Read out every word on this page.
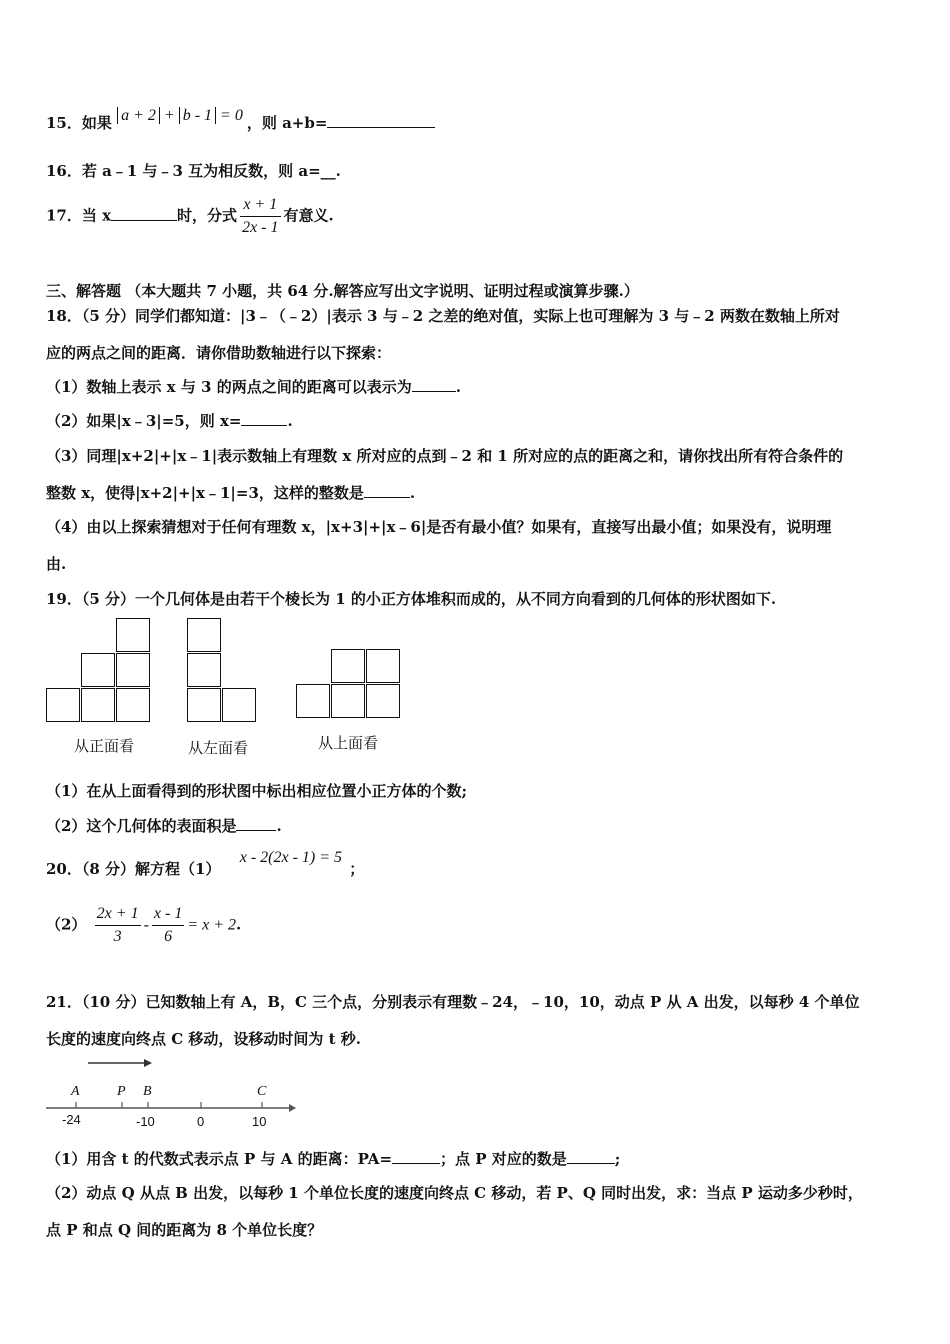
15．如果 a + 2 + b - 1 = 0 ，则 a+b=
16．若 a﹣1 与﹣3 互为相反数，则 a=__.
17．当 x	时，分式 $\frac{x + 1}{2x - 1}$ 有意义.
三、解答题 （本大题共 7 小题，共 64 分.解答应写出文字说明、证明过程或演算步骤.）
18．（5 分）同学们都知道：|3﹣（﹣2）|表示 3 与﹣2 之差的绝对值，实际上也可理解为 3 与﹣2 两数在数轴上所对
应的两点之间的距离．请你借助数轴进行以下探索：
（1）数轴上表示 x 与 3 的两点之间的距离可以表示为	.
（2）如果|x﹣3|=5，则 x=	.
（3）同理|x+2|+|x﹣1|表示数轴上有理数 x 所对应的点到﹣2 和 1 所对应的点的距离之和，请你找出所有符合条件的
整数 x，使得|x+2|+|x﹣1|=3，这样的整数是	.
（4）由以上探索猜想对于任何有理数 x，|x+3|+|x﹣6|是否有最小值？如果有，直接写出最小值；如果没有，说明理
由.
19．（5 分）一个几何体是由若干个棱长为 1 的小正方体堆积而成的，从不同方向看到的几何体的形状图如下.
从正面看	从左面看	从上面看
（1）在从上面看得到的形状图中标出相应位置小正方体的个数;
（2）这个几何体的表面积是	.
20．（8 分）解方程（1） x - 2(2x - 1) = 5 ；
$(2) \frac{2x + 1}{3} - \frac{x - 1}{6} = x + 2$.
21．（10 分）已知数轴上有 A，B，C 三个点，分别表示有理数﹣24，﹣10，10，动点 P 从 A 出发，以每秒 4 个单位
长度的速度向终点 C 移动，设移动时间为 t 秒.
A	P B	C
-24	-10	0	10
（1）用含 t 的代数式表示点 P 与 A 的距离：PA=	；点 P 对应的数是	;
（2）动点 Q 从点 B 出发，以每秒 1 个单位长度的速度向终点 C 移动，若 P、Q 同时出发，求：当点 P 运动多少秒时，
点 P 和点 Q 间的距离为 8 个单位长度？
